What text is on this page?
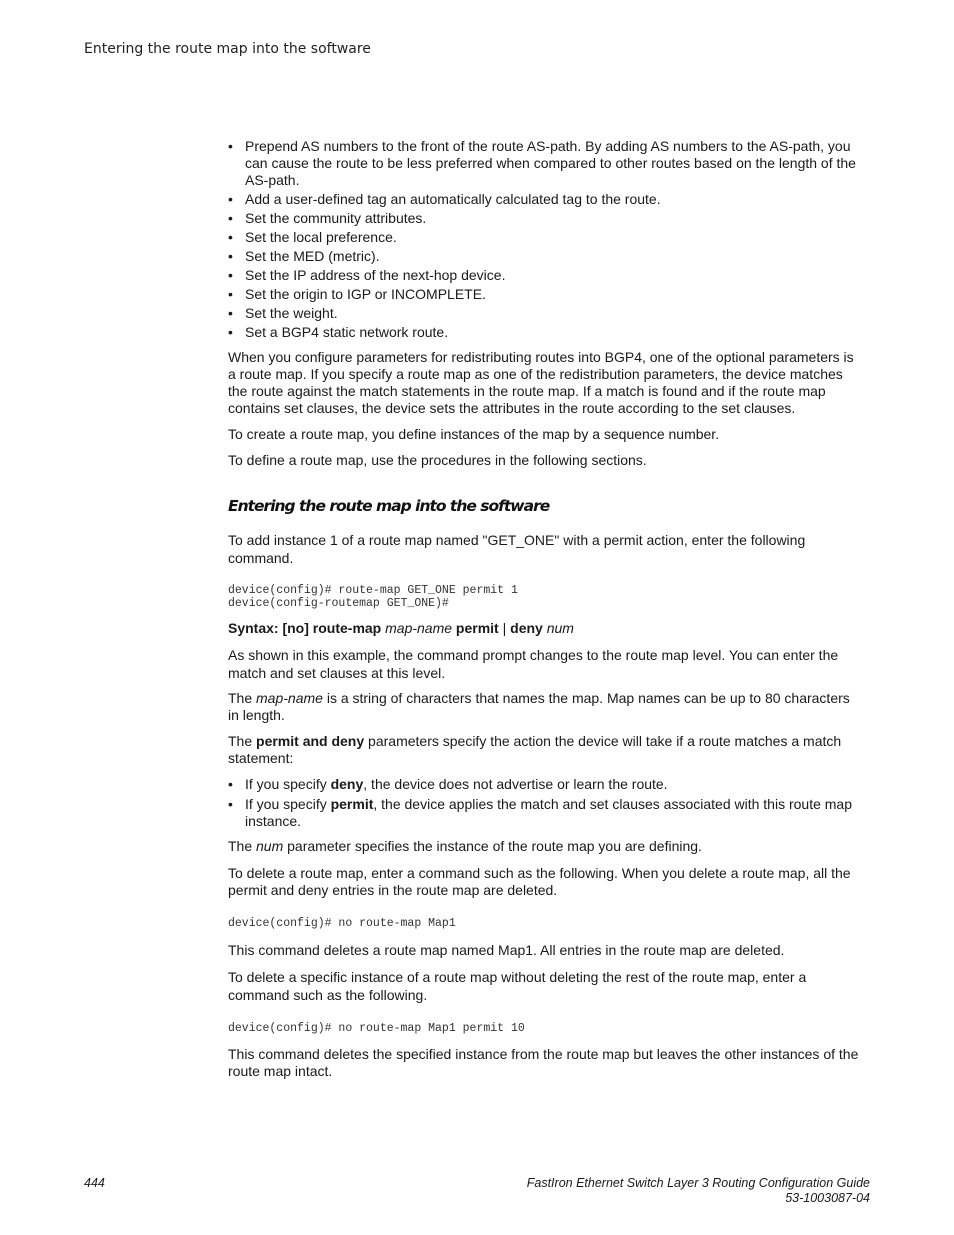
Entering the route map into the software
• Prepend AS numbers to the front of the route AS-path. By adding AS numbers to the AS-path, you can cause the route to be less preferred when compared to other routes based on the length of the AS-path.
• Add a user-defined tag an automatically calculated tag to the route.
• Set the community attributes.
• Set the local preference.
• Set the MED (metric).
• Set the IP address of the next-hop device.
• Set the origin to IGP or INCOMPLETE.
• Set the weight.
• Set a BGP4 static network route.

When you configure parameters for redistributing routes into BGP4, one of the optional parameters is a route map. If you specify a route map as one of the redistribution parameters, the device matches the route against the match statements in the route map. If a match is found and if the route map contains set clauses, the device sets the attributes in the route according to the set clauses.

To create a route map, you define instances of the map by a sequence number.

To define a route map, use the procedures in the following sections.

Entering the route map into the software

To add instance 1 of a route map named "GET_ONE" with a permit action, enter the following command.

device(config)# route-map GET_ONE permit 1
device(config-routemap GET_ONE)#

Syntax: [no] route-map map-name permit | deny num

As shown in this example, the command prompt changes to the route map level. You can enter the match and set clauses at this level.

The map-name is a string of characters that names the map. Map names can be up to 80 characters in length.

The permit and deny parameters specify the action the device will take if a route matches a match statement:

• If you specify deny, the device does not advertise or learn the route.
• If you specify permit, the device applies the match and set clauses associated with this route map instance.

The num parameter specifies the instance of the route map you are defining.

To delete a route map, enter a command such as the following. When you delete a route map, all the permit and deny entries in the route map are deleted.

device(config)# no route-map Map1

This command deletes a route map named Map1. All entries in the route map are deleted.

To delete a specific instance of a route map without deleting the rest of the route map, enter a command such as the following.

device(config)# no route-map Map1 permit 10

This command deletes the specified instance from the route map but leaves the other instances of the route map intact.

444	FastIron Ethernet Switch Layer 3 Routing Configuration Guide
53-1003087-04
